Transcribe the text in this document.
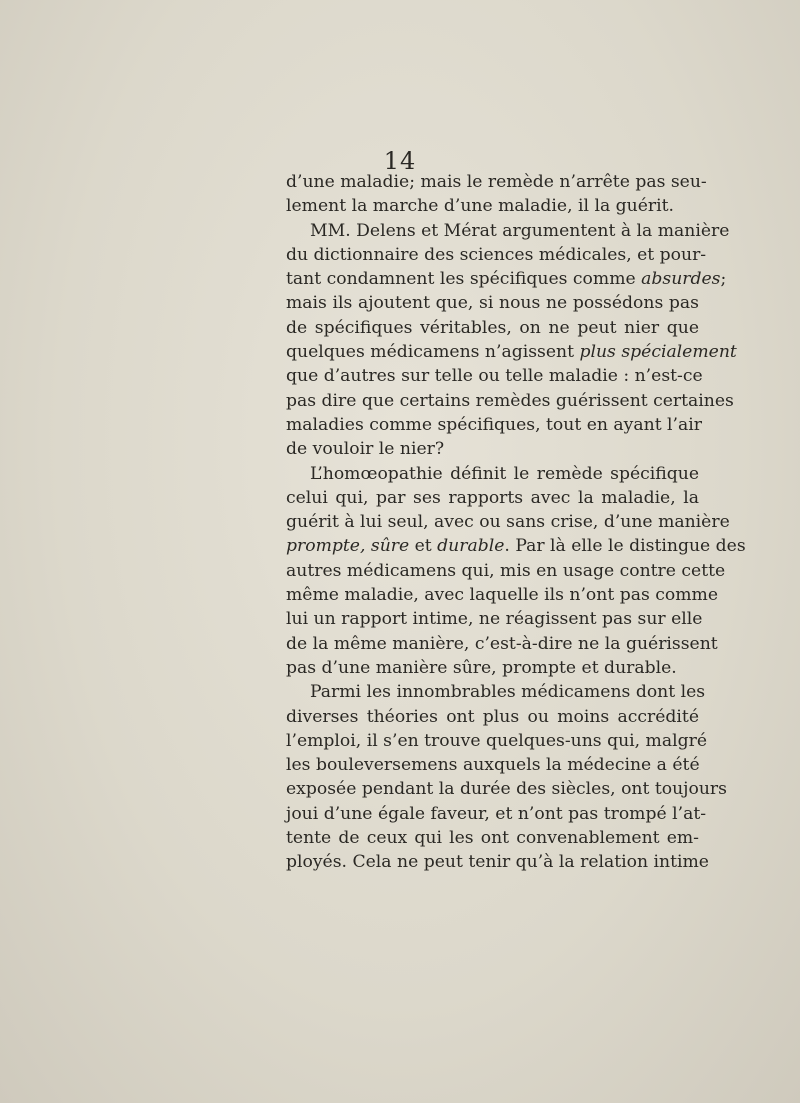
14
d’une maladie; mais le remède n’arrête pas seu-
lement la marche d’une maladie, il la guérit.
MM. Delens et Mérat argumentent à la manière
du dictionnaire des sciences médicales, et pour-
tant condamnent les spécifiques comme absurdes;
mais ils ajoutent que, si nous ne possédons pas
de spécifiques véritables, on ne peut nier que
quelques médicamens n’agissent plus spécialement
que d’autres sur telle ou telle maladie : n’est-ce
pas dire que certains remèdes guérissent certaines
maladies comme spécifiques, tout en ayant l’air
de vouloir le nier?
L’homœopathie définit le remède spécifique
celui qui, par ses rapports avec la maladie, la
guérit à lui seul, avec ou sans crise, d’une manière
prompte, sûre et durable. Par là elle le distingue des
autres médicamens qui, mis en usage contre cette
même maladie, avec laquelle ils n’ont pas comme
lui un rapport intime, ne réagissent pas sur elle
de la même manière, c’est-à-dire ne la guérissent
pas d’une manière sûre, prompte et durable.
Parmi les innombrables médicamens dont les
diverses théories ont plus ou moins accrédité
l’emploi, il s’en trouve quelques-uns qui, malgré
les bouleversemens auxquels la médecine a été
exposée pendant la durée des siècles, ont toujours
joui d’une égale faveur, et n’ont pas trompé l’at-
tente de ceux qui les ont convenablement em-
ployés. Cela ne peut tenir qu’à la relation intime
